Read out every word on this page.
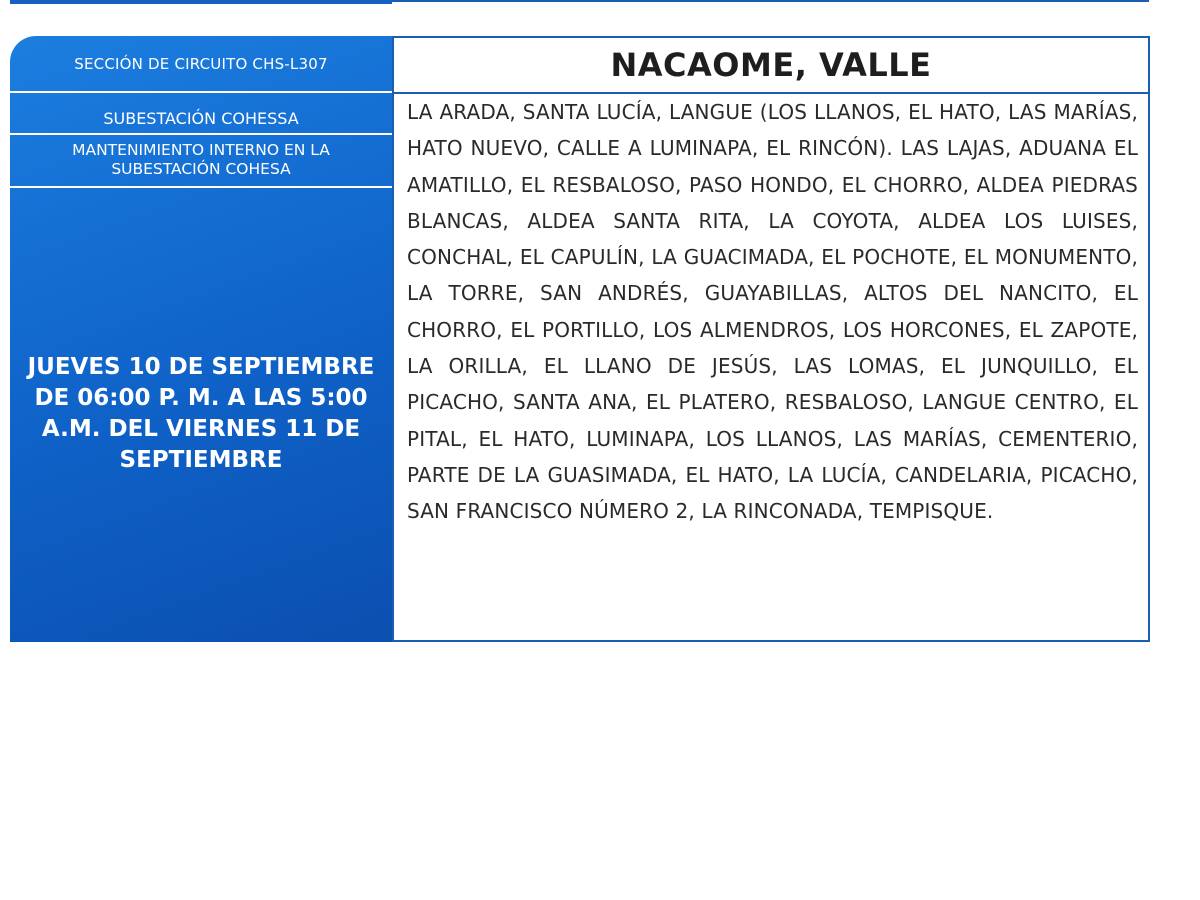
SECCIÓN DE CIRCUITO CHS-L307
SUBESTACIÓN COHESSA
MANTENIMIENTO INTERNO EN LA SUBESTACIÓN COHESA
JUEVES 10 DE SEPTIEMBRE DE 06:00 P. M. A LAS 5:00 A.M. DEL VIERNES 11 DE SEPTIEMBRE
NACAOME, VALLE

LA ARADA, SANTA LUCÍA, LANGUE (LOS LLANOS, EL HATO, LAS MARÍAS, HATO NUEVO, CALLE A LUMINAPA, EL RINCÓN). LAS LAJAS, ADUANA EL AMATILLO, EL RESBALOSO, PASO HONDO, EL CHORRO, ALDEA PIEDRAS BLANCAS, ALDEA SANTA RITA, LA COYOTA, ALDEA LOS LUISES, CONCHAL, EL CAPULÍN, LA GUACIMADA, EL POCHOTE, EL MONUMENTO, LA TORRE, SAN ANDRÉS, GUAYABILLAS, ALTOS DEL NANCITO, EL CHORRO, EL PORTILLO, LOS ALMENDROS, LOS HORCONES, EL ZAPOTE, LA ORILLA, EL LLANO DE JESÚS, LAS LOMAS, EL JUNQUILLO, EL PICACHO, SANTA ANA, EL PLATERO, RESBALOSO, LANGUE CENTRO, EL PITAL, EL HATO, LUMINAPA, LOS LLANOS, LAS MARÍAS, CEMENTERIO, PARTE DE LA GUASIMADA, EL HATO, LA LUCÍA, CANDELARIA, PICACHO, SAN FRANCISCO NÚMERO 2, LA RINCONADA, TEMPISQUE.
